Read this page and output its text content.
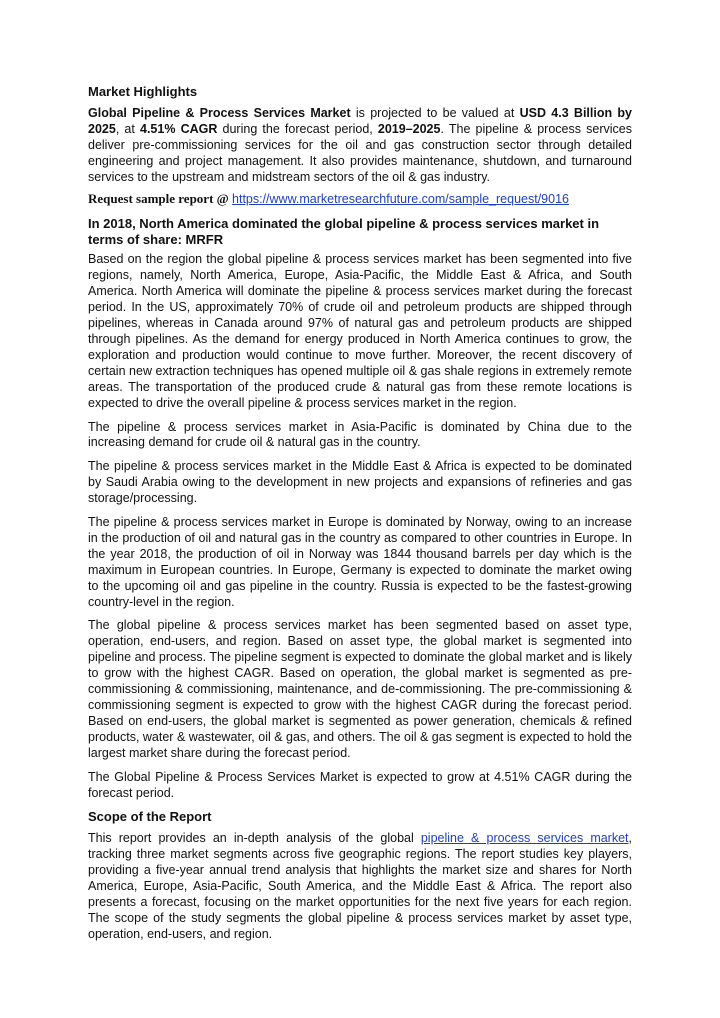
Market Highlights

Global Pipeline & Process Services Market is projected to be valued at USD 4.3 Billion by 2025, at 4.51% CAGR during the forecast period, 2019–2025. The pipeline & process services deliver pre-commissioning services for the oil and gas construction sector through detailed engineering and project management. It also provides maintenance, shutdown, and turnaround services to the upstream and midstream sectors of the oil & gas industry.

Request sample report @ https://www.marketresearchfuture.com/sample_request/9016
In 2018, North America dominated the global pipeline & process services market in terms of share: MRFR

Based on the region the global pipeline & process services market has been segmented into five regions, namely, North America, Europe, Asia-Pacific, the Middle East & Africa, and South America. North America will dominate the pipeline & process services market during the forecast period. In the US, approximately 70% of crude oil and petroleum products are shipped through pipelines, whereas in Canada around 97% of natural gas and petroleum products are shipped through pipelines. As the demand for energy produced in North America continues to grow, the exploration and production would continue to move further. Moreover, the recent discovery of certain new extraction techniques has opened multiple oil & gas shale regions in extremely remote areas. The transportation of the produced crude & natural gas from these remote locations is expected to drive the overall pipeline & process services market in the region.

The pipeline & process services market in Asia-Pacific is dominated by China due to the increasing demand for crude oil & natural gas in the country.

The pipeline & process services market in the Middle East & Africa is expected to be dominated by Saudi Arabia owing to the development in new projects and expansions of refineries and gas storage/processing.

The pipeline & process services market in Europe is dominated by Norway, owing to an increase in the production of oil and natural gas in the country as compared to other countries in Europe. In the year 2018, the production of oil in Norway was 1844 thousand barrels per day which is the maximum in European countries. In Europe, Germany is expected to dominate the market owing to the upcoming oil and gas pipeline in the country. Russia is expected to be the fastest-growing country-level in the region.

The global pipeline & process services market has been segmented based on asset type, operation, end-users, and region. Based on asset type, the global market is segmented into pipeline and process. The pipeline segment is expected to dominate the global market and is likely to grow with the highest CAGR. Based on operation, the global market is segmented as pre-commissioning & commissioning, maintenance, and de-commissioning. The pre-commissioning & commissioning segment is expected to grow with the highest CAGR during the forecast period. Based on end-users, the global market is segmented as power generation, chemicals & refined products, water & wastewater, oil & gas, and others. The oil & gas segment is expected to hold the largest market share during the forecast period.

The Global Pipeline & Process Services Market is expected to grow at 4.51% CAGR during the forecast period.

Scope of the Report

This report provides an in-depth analysis of the global pipeline & process services market, tracking three market segments across five geographic regions. The report studies key players, providing a five-year annual trend analysis that highlights the market size and shares for North America, Europe, Asia-Pacific, South America, and the Middle East & Africa. The report also presents a forecast, focusing on the market opportunities for the next five years for each region. The scope of the study segments the global pipeline & process services market by asset type, operation, end-users, and region.
